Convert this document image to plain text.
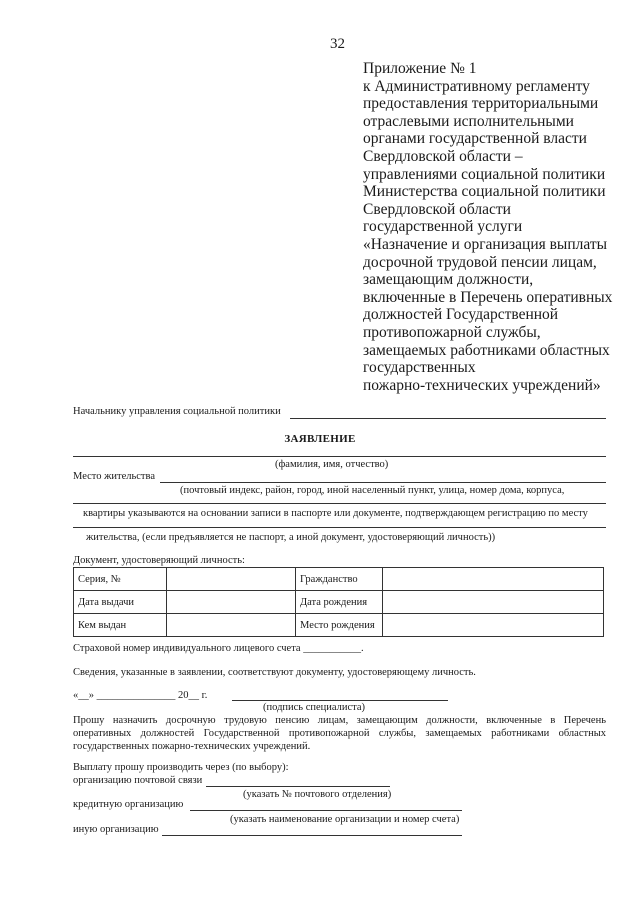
32
Приложение № 1
к Административному регламенту
предоставления территориальными
отраслевыми исполнительными
органами государственной власти
Свердловской области –
управлениями социальной политики
Министерства социальной политики
Свердловской области
государственной услуги
«Назначение и организация выплаты
досрочной трудовой пенсии лицам,
замещающим должности,
включенные в Перечень оперативных
должностей Государственной
противопожарной службы,
замещаемых работниками областных
государственных
пожарно-технических учреждений»
Начальнику управления социальной политики
ЗАЯВЛЕНИЕ
(фамилия, имя, отчество)
Место жительства
(почтовый индекс, район, город, иной населенный пункт, улица, номер дома, корпуса,
квартиры указываются на основании записи в паспорте или документе, подтверждающем регистрацию по месту
жительства, (если предъявляется не паспорт, а иной документ, удостоверяющий личность))
Документ, удостоверяющий личность:
Серия, №		Гражданство	
Дата выдачи		Дата рождения	
Кем выдан		Место рождения	
Страховой номер индивидуального лицевого счета ___________.
Сведения, указанные в заявлении, соответствуют документу, удостоверяющему личность.
«__» _______________ 20__ г.
(подпись специалиста)
Прошу назначить досрочную трудовую пенсию лицам, замещающим должности, включенные в Перечень оперативных должностей Государственной противопожарной службы, замещаемых работниками областных государственных пожарно-технических учреждений.
Выплату прошу производить через (по выбору):
организацию почтовой связи
(указать № почтового отделения)
кредитную организацию
(указать наименование организации и номер счета)
иную организацию
